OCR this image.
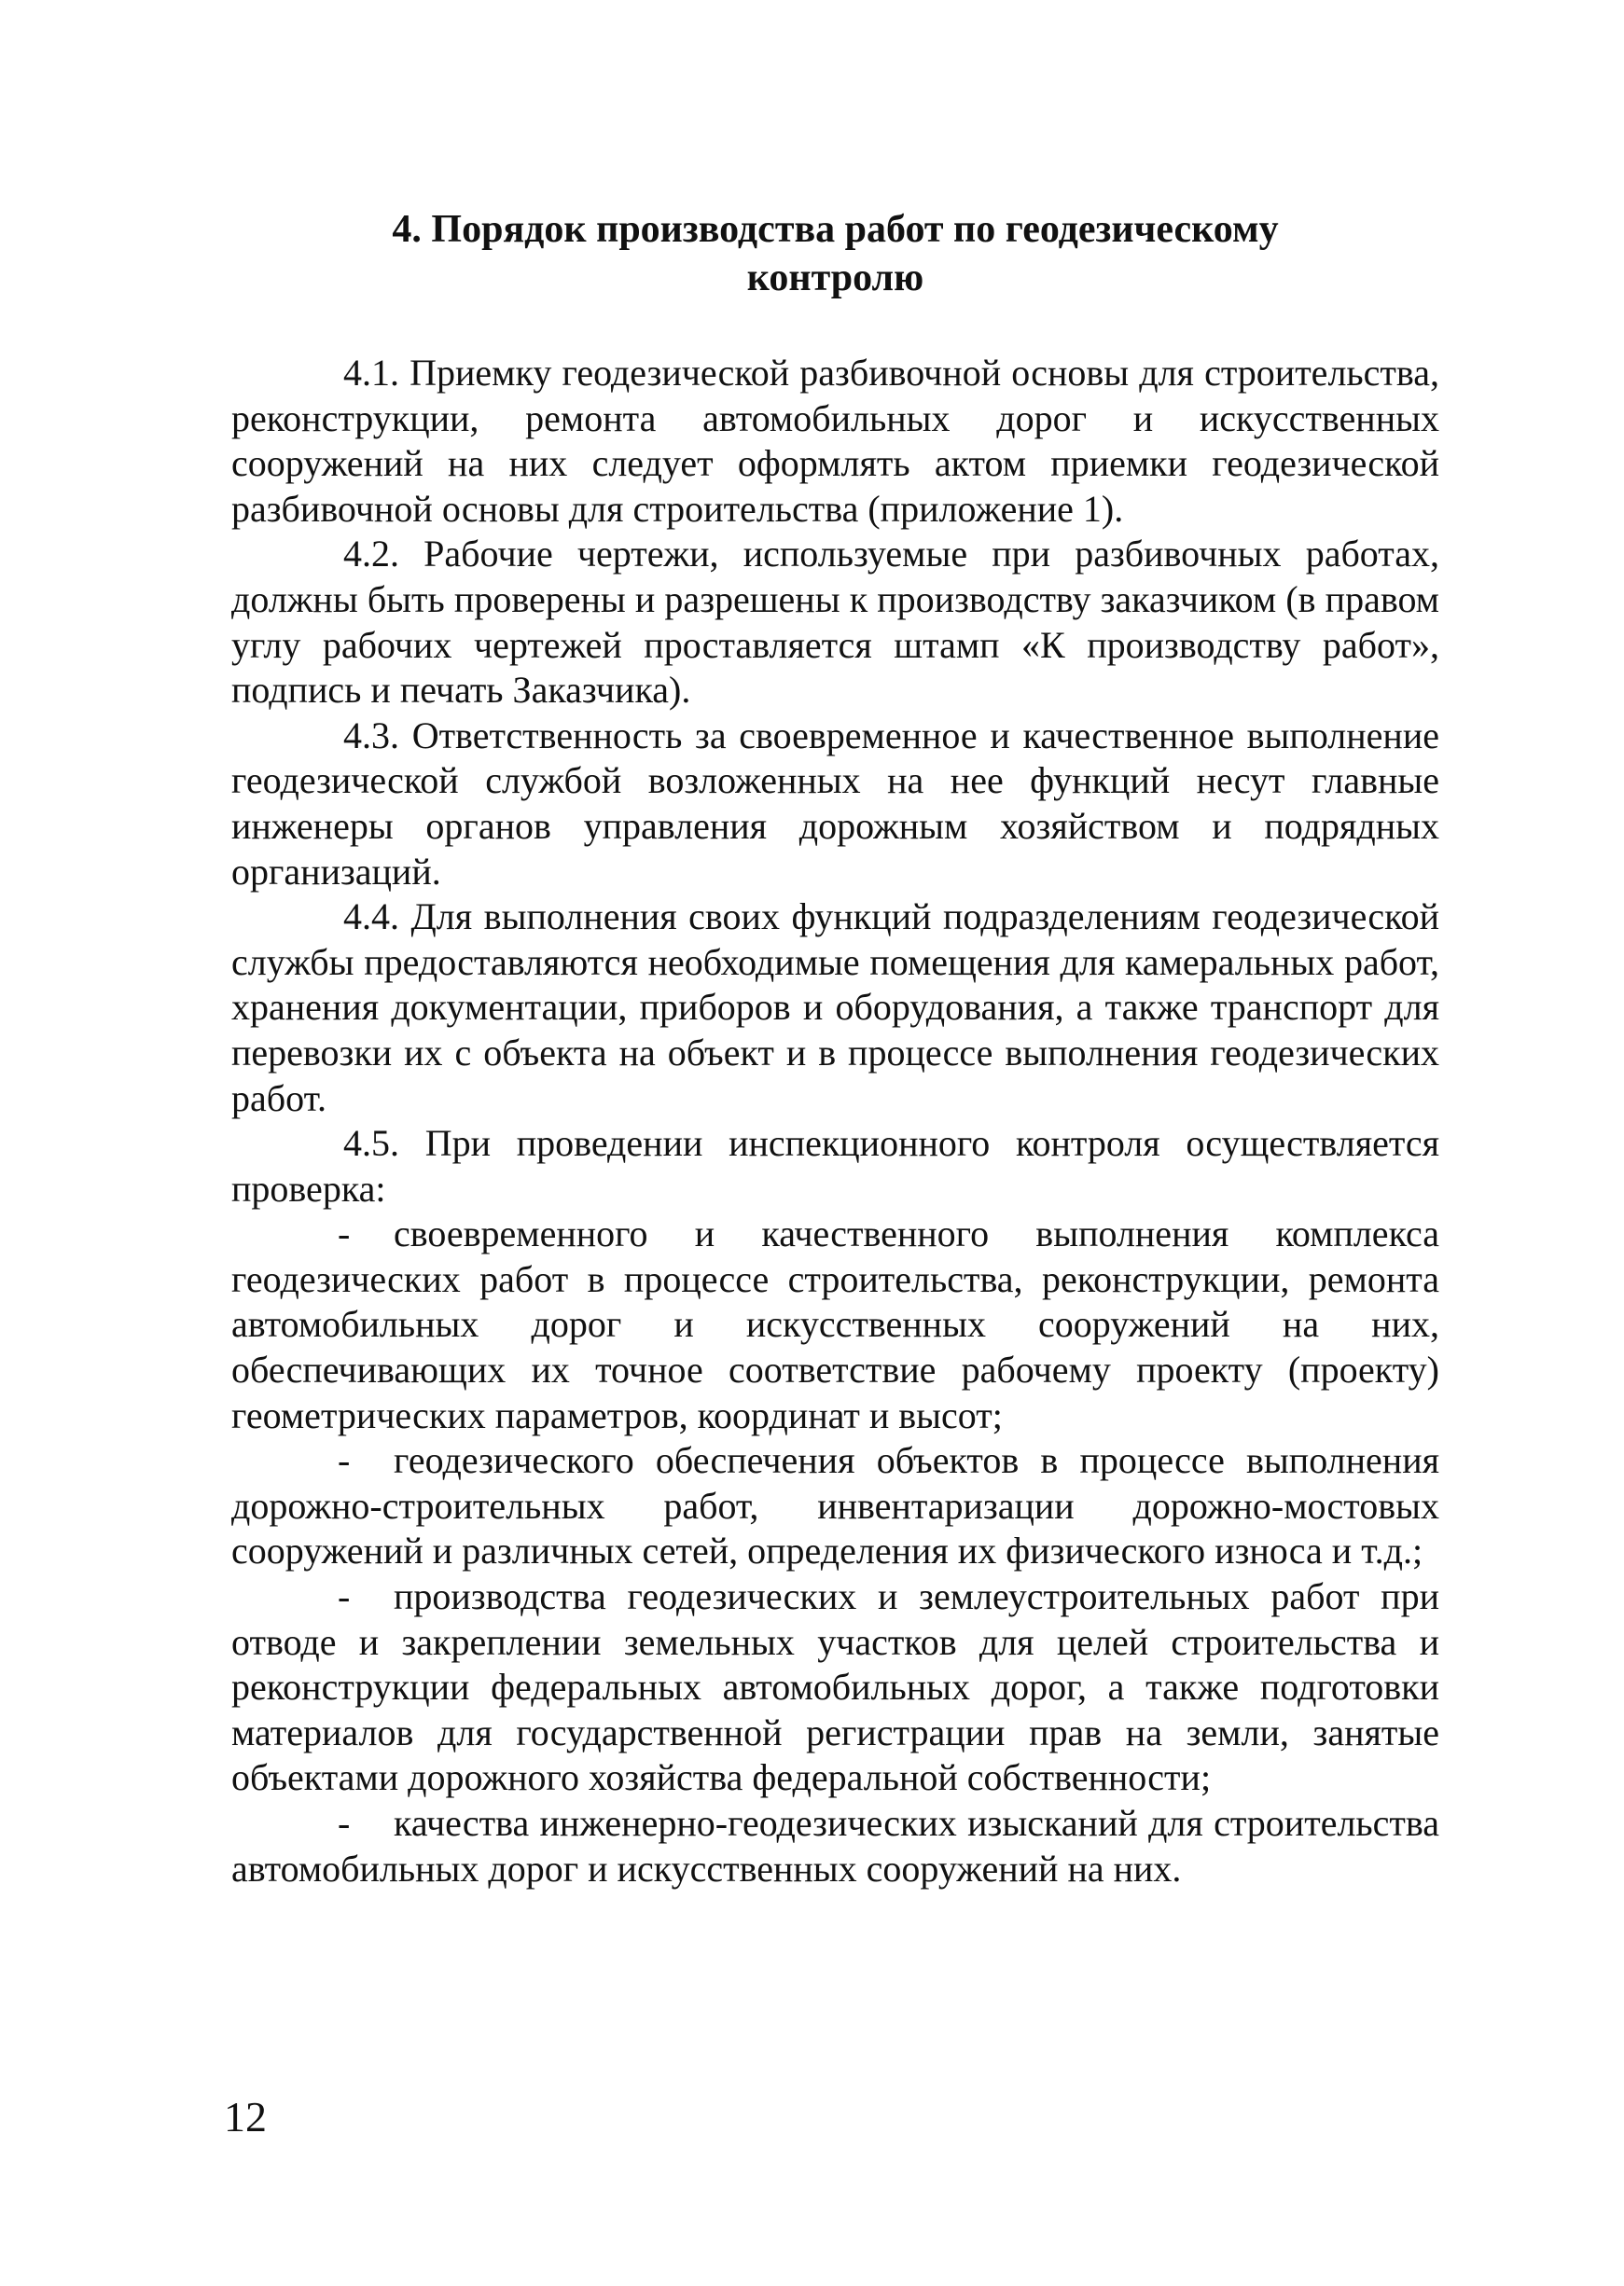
4. Порядок производства работ по геодезическому
контролю

4.1. Приемку геодезической разбивочной основы для строительства, реконструкции, ремонта автомобильных дорог и искусственных сооружений на них следует оформлять актом приемки геодезической разбивочной основы для строительства (приложение 1).

4.2. Рабочие чертежи, используемые при разбивочных работах, должны быть проверены и разрешены к производству заказчиком (в правом углу рабочих чертежей проставляется штамп «К производству работ», подпись и печать Заказчика).

4.3. Ответственность за своевременное и качественное выполнение геодезической службой возложенных на нее функций несут главные инженеры органов управления дорожным хозяйством и подрядных организаций.

4.4. Для выполнения своих функций подразделениям геодезической службы предоставляются необходимые помещения для камеральных работ, хранения документации, приборов и оборудования, а также транспорт для перевозки их с объекта на объект и в процессе выполнения геодезических работ.

4.5. При проведении инспекционного контроля осуществляется проверка:

- своевременного и качественного выполнения комплекса геодезических работ в процессе строительства, реконструкции, ремонта автомобильных дорог и искусственных сооружений на них, обеспечивающих их точное соответствие рабочему проекту (проекту) геометрических параметров, координат и высот;

- геодезического обеспечения объектов в процессе выполнения дорожно-строительных работ, инвентаризации дорожно-мостовых сооружений и различных сетей, определения их физического износа и т.д.;

- производства геодезических и землеустроительных работ при отводе и закреплении земельных участков для целей строительства и реконструкции федеральных автомобильных дорог, а также подготовки материалов для государственной регистрации прав на земли, занятые объектами дорожного хозяйства федеральной собственности;

- качества инженерно-геодезических изысканий для строительства автомобильных дорог и искусственных сооружений на них.

12
